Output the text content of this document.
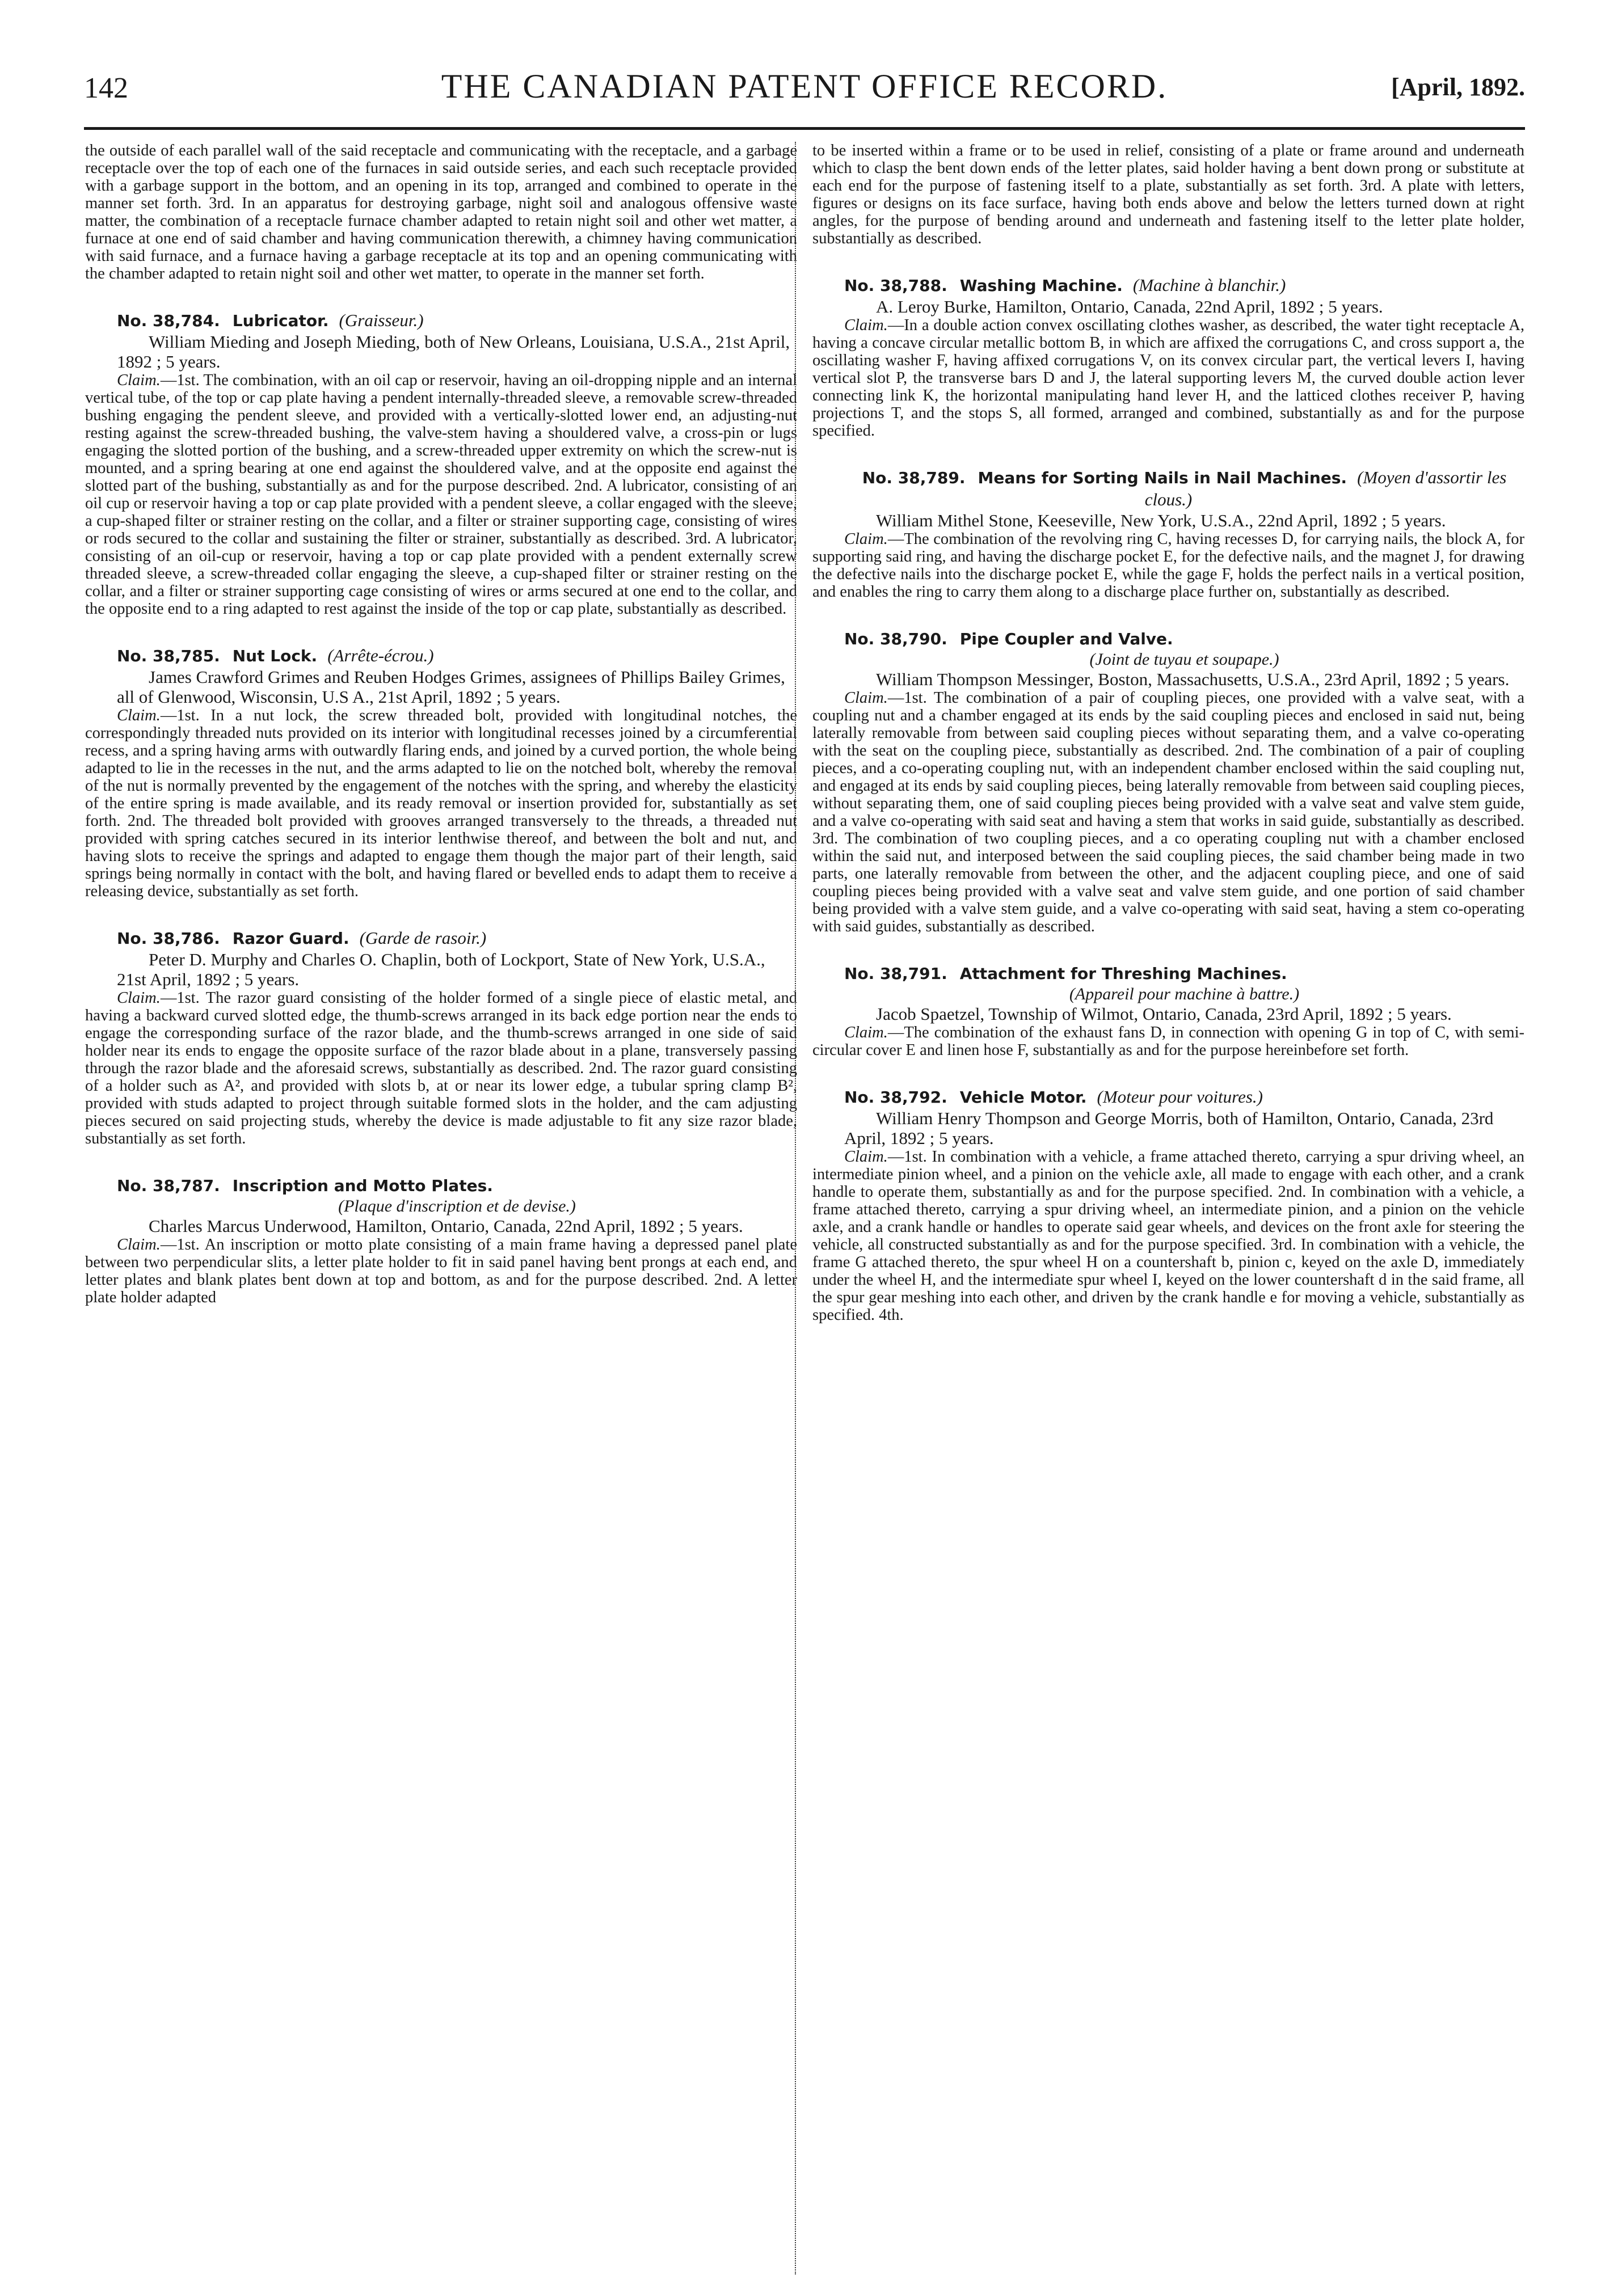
142	THE CANADIAN PATENT OFFICE RECORD.	[April, 1892.

the outside of each parallel wall of the said receptacle and communicating with the receptacle, and a garbage receptacle over the top of each one of the furnaces in said outside series, and each such receptacle provided with a garbage support in the bottom, and an opening in its top, arranged and combined to operate in the manner set forth. 3rd. In an apparatus for destroying garbage, night soil and analogous offensive waste matter, the combination of a receptacle furnace chamber adapted to retain night soil and other wet matter, a furnace at one end of said chamber and having communication therewith, a chimney having communication with said furnace, and a furnace having a garbage receptacle at its top and an opening communicating with the chamber adapted to retain night soil and other wet matter, to operate in the manner set forth.

No. 38,784. Lubricator. (Graisseur.)

William Mieding and Joseph Mieding, both of New Orleans, Louisiana, U.S.A., 21st April, 1892 ; 5 years.

Claim.—1st. The combination, with an oil cap or reservoir, having an oil-dropping nipple and an internal vertical tube, of the top or cap plate having a pendent internally-threaded sleeve, a removable screw-threaded bushing engaging the pendent sleeve, and provided with a vertically-slotted lower end, an adjusting-nut resting against the screw-threaded bushing, the valve-stem having a shouldered valve, a cross-pin or lugs engaging the slotted portion of the bushing, and a screw-threaded upper extremity on which the screw-nut is mounted, and a spring bearing at one end against the shouldered valve, and at the opposite end against the slotted part of the bushing, substantially as and for the purpose described. 2nd. A lubricator, consisting of an oil cup or reservoir having a top or cap plate provided with a pendent sleeve, a collar engaged with the sleeve, a cup-shaped filter or strainer resting on the collar, and a filter or strainer supporting cage, consisting of wires or rods secured to the collar and sustaining the filter or strainer, substantially as described. 3rd. A lubricator, consisting of an oil-cup or reservoir, having a top or cap plate provided with a pendent externally screw threaded sleeve, a screw-threaded collar engaging the sleeve, a cup-shaped filter or strainer resting on the collar, and a filter or strainer supporting cage consisting of wires or arms secured at one end to the collar, and the opposite end to a ring adapted to rest against the inside of the top or cap plate, substantially as described.

No. 38,785. Nut Lock. (Arrête-écrou.)

James Crawford Grimes and Reuben Hodges Grimes, assignees of Phillips Bailey Grimes, all of Glenwood, Wisconsin, U.S A., 21st April, 1892 ; 5 years.

Claim.—1st. In a nut lock, the screw threaded bolt, provided with longitudinal notches, the correspondingly threaded nuts provided on its interior with longitudinal recesses joined by a circumferential recess, and a spring having arms with outwardly flaring ends, and joined by a curved portion, the whole being adapted to lie in the recesses in the nut, and the arms adapted to lie on the notched bolt, whereby the removal of the nut is normally prevented by the engagement of the notches with the spring, and whereby the elasticity of the entire spring is made available, and its ready removal or insertion provided for, substantially as set forth. 2nd. The threaded bolt provided with grooves arranged transversely to the threads, a threaded nut provided with spring catches secured in its interior lenthwise thereof, and between the bolt and nut, and having slots to receive the springs and adapted to engage them though the major part of their length, said springs being normally in contact with the bolt, and having flared or bevelled ends to adapt them to receive a releasing device, substantially as set forth.

No. 38,786. Razor Guard. (Garde de rasoir.)

Peter D. Murphy and Charles O. Chaplin, both of Lockport, State of New York, U.S.A., 21st April, 1892 ; 5 years.

Claim.—1st. The razor guard consisting of the holder formed of a single piece of elastic metal, and having a backward curved slotted edge, the thumb-screws arranged in its back edge portion near the ends to engage the corresponding surface of the razor blade, and the thumb-screws arranged in one side of said holder near its ends to engage the opposite surface of the razor blade about in a plane, transversely passing through the razor blade and the aforesaid screws, substantially as described. 2nd. The razor guard consisting of a holder such as A², and provided with slots b, at or near its lower edge, a tubular spring clamp B², provided with studs adapted to project through suitable formed slots in the holder, and the cam adjusting pieces secured on said projecting studs, whereby the device is made adjustable to fit any size razor blade, substantially as set forth.

No. 38,787. Inscription and Motto Plates.

(Plaque d'inscription et de devise.)

Charles Marcus Underwood, Hamilton, Ontario, Canada, 22nd April, 1892 ; 5 years.

Claim.—1st. An inscription or motto plate consisting of a main frame having a depressed panel plate between two perpendicular slits, a letter plate holder to fit in said panel having bent prongs at each end, and letter plates and blank plates bent down at top and bottom, as and for the purpose described. 2nd. A letter plate holder adapted

to be inserted within a frame or to be used in relief, consisting of a plate or frame around and underneath which to clasp the bent down ends of the letter plates, said holder having a bent down prong or substitute at each end for the purpose of fastening itself to a plate, substantially as set forth. 3rd. A plate with letters, figures or designs on its face surface, having both ends above and below the letters turned down at right angles, for the purpose of bending around and underneath and fastening itself to the letter plate holder, substantially as described.

No. 38,788. Washing Machine. (Machine à blanchir.)

A. Leroy Burke, Hamilton, Ontario, Canada, 22nd April, 1892 ; 5 years.

Claim.—In a double action convex oscillating clothes washer, as described, the water tight receptacle A, having a concave circular metallic bottom B, in which are affixed the corrugations C, and cross support a, the oscillating washer F, having affixed corrugations V, on its convex circular part, the vertical levers I, having vertical slot P, the transverse bars D and J, the lateral supporting levers M, the curved double action lever connecting link K, the horizontal manipulating hand lever H, and the latticed clothes receiver P, having projections T, and the stops S, all formed, arranged and combined, substantially as and for the purpose specified.

No. 38,789. Means for Sorting Nails in Nail Machines. (Moyen d'assortir les clous.)

William Mithel Stone, Keeseville, New York, U.S.A., 22nd April, 1892 ; 5 years.

Claim.—The combination of the revolving ring C, having recesses D, for carrying nails, the block A, for supporting said ring, and having the discharge pocket E, for the defective nails, and the magnet J, for drawing the defective nails into the discharge pocket E, while the gage F, holds the perfect nails in a vertical position, and enables the ring to carry them along to a discharge place further on, substantially as described.

No. 38,790. Pipe Coupler and Valve.

(Joint de tuyau et soupape.)

William Thompson Messinger, Boston, Massachusetts, U.S.A., 23rd April, 1892 ; 5 years.

Claim.—1st. The combination of a pair of coupling pieces, one provided with a valve seat, with a coupling nut and a chamber engaged at its ends by the said coupling pieces and enclosed in said nut, being laterally removable from between said coupling pieces without separating them, and a valve co-operating with the seat on the coupling piece, substantially as described. 2nd. The combination of a pair of coupling pieces, and a co-operating coupling nut, with an independent chamber enclosed within the said coupling nut, and engaged at its ends by said coupling pieces, being laterally removable from between said coupling pieces, without separating them, one of said coupling pieces being provided with a valve seat and valve stem guide, and a valve co-operating with said seat and having a stem that works in said guide, substantially as described. 3rd. The combination of two coupling pieces, and a co operating coupling nut with a chamber enclosed within the said nut, and interposed between the said coupling pieces, the said chamber being made in two parts, one laterally removable from between the other, and the adjacent coupling piece, and one of said coupling pieces being provided with a valve seat and valve stem guide, and one portion of said chamber being provided with a valve stem guide, and a valve co-operating with said seat, having a stem co-operating with said guides, substantially as described.

No. 38,791. Attachment for Threshing Machines.

(Appareil pour machine à battre.)

Jacob Spaetzel, Township of Wilmot, Ontario, Canada, 23rd April, 1892 ; 5 years.

Claim.—The combination of the exhaust fans D, in connection with opening G in top of C, with semi-circular cover E and linen hose F, substantially as and for the purpose hereinbefore set forth.

No. 38,792. Vehicle Motor. (Moteur pour voitures.)

William Henry Thompson and George Morris, both of Hamilton, Ontario, Canada, 23rd April, 1892 ; 5 years.

Claim.—1st. In combination with a vehicle, a frame attached thereto, carrying a spur driving wheel, an intermediate pinion wheel, and a pinion on the vehicle axle, all made to engage with each other, and a crank handle to operate them, substantially as and for the purpose specified. 2nd. In combination with a vehicle, a frame attached thereto, carrying a spur driving wheel, an intermediate pinion, and a pinion on the vehicle axle, and a crank handle or handles to operate said gear wheels, and devices on the front axle for steering the vehicle, all constructed substantially as and for the purpose specified. 3rd. In combination with a vehicle, the frame G attached thereto, the spur wheel H on a countershaft b, pinion c, keyed on the axle D, immediately under the wheel H, and the intermediate spur wheel I, keyed on the lower countershaft d in the said frame, all the spur gear meshing into each other, and driven by the crank handle e for moving a vehicle, substantially as specified. 4th.
